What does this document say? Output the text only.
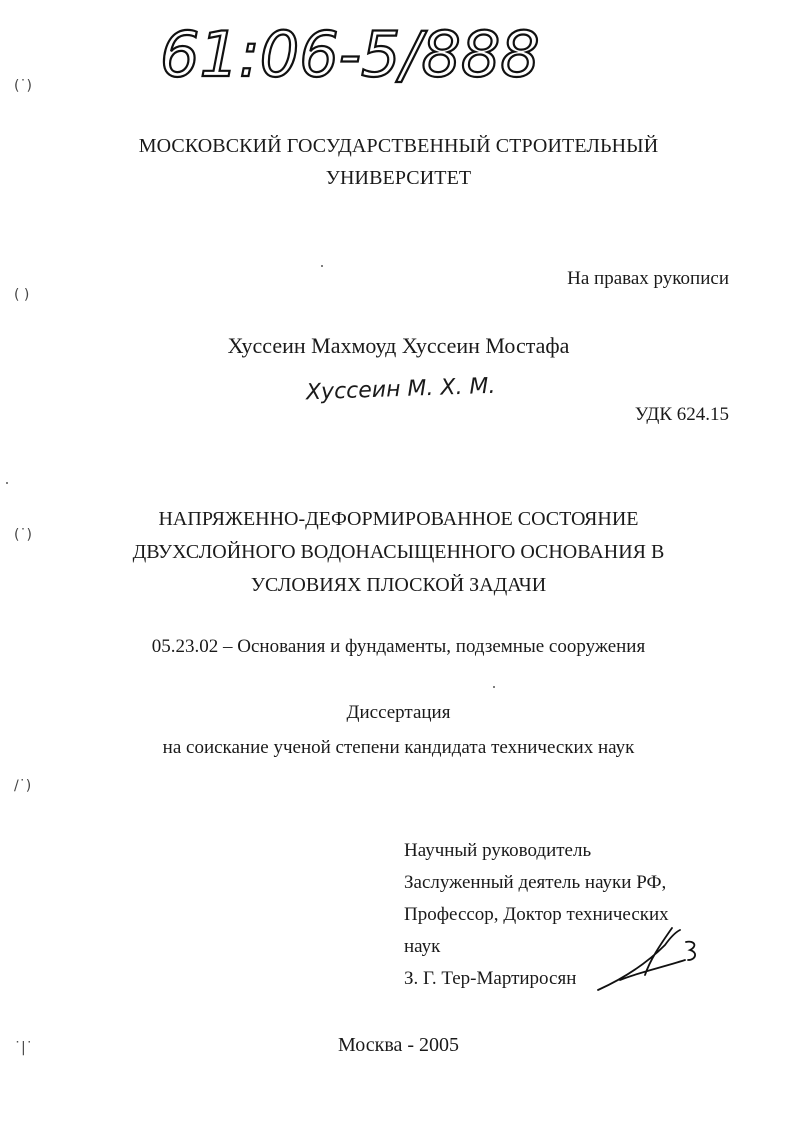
61:06-5/888
(˙)
( )
(˙)
/˙)
˙|˙
МОСКОВСКИЙ ГОСУДАРСТВЕННЫЙ СТРОИТЕЛЬНЫЙ
УНИВЕРСИТЕТ
На правах рукописи
Хуссеин Махмоуд Хуссеин Мостафа
Хуссеин М. Х. М.
УДК 624.15
НАПРЯЖЕННО-ДЕФОРМИРОВАННОЕ СОСТОЯНИЕ
ДВУХСЛОЙНОГО ВОДОНАСЫЩЕННОГО ОСНОВАНИЯ В
УСЛОВИЯХ ПЛОСКОЙ ЗАДАЧИ
05.23.02 – Основания и фундаменты, подземные сооружения
Диссертация
на соискание ученой степени кандидата технических наук
Научный руководитель
Заслуженный деятель науки РФ,
Профессор, Доктор технических
наук
З. Г. Тер-Мартиросян
Москва - 2005
